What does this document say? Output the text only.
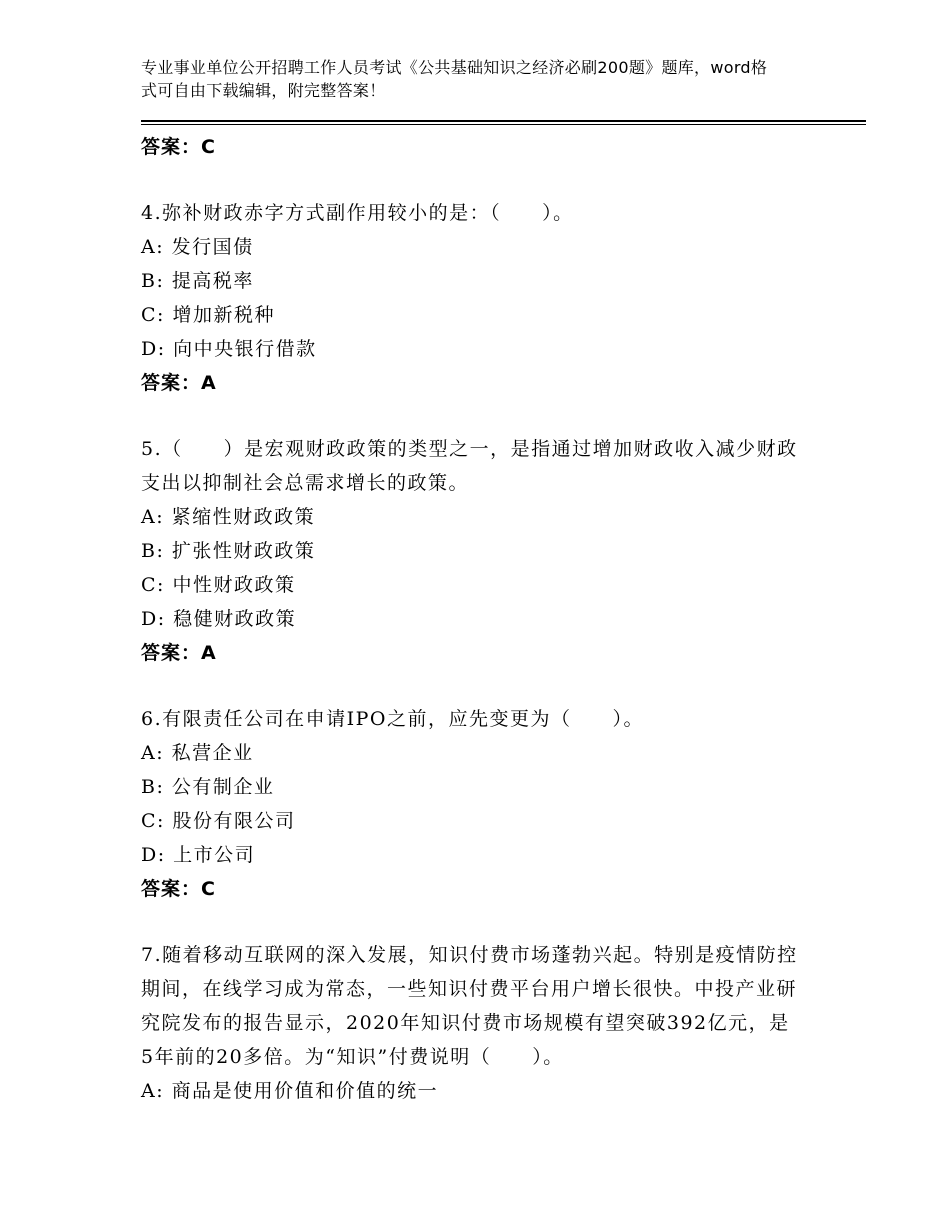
专业事业单位公开招聘工作人员考试《公共基础知识之经济必刷200题》题库，word格式可自由下载编辑，附完整答案！
答案：C

4.弥补财政赤字方式副作用较小的是：（　　）。

A: 发行国债
B: 提高税率
C: 增加新税种
D: 向中央银行借款
答案：A

5.（　　）是宏观财政政策的类型之一，是指通过增加财政收入减少财政支出以抑制社会总需求增长的政策。

A: 紧缩性财政政策
B: 扩张性财政政策
C: 中性财政政策
D: 稳健财政政策
答案：A

6.有限责任公司在申请IPO之前，应先变更为（　　）。

A: 私营企业
B: 公有制企业
C: 股份有限公司
D: 上市公司
答案：C

7.随着移动互联网的深入发展，知识付费市场蓬勃兴起。特别是疫情防控期间，在线学习成为常态，一些知识付费平台用户增长很快。中投产业研究院发布的报告显示，2020年知识付费市场规模有望突破392亿元，是5年前的20多倍。为“知识”付费说明（　　）。

A: 商品是使用价值和价值的统一
